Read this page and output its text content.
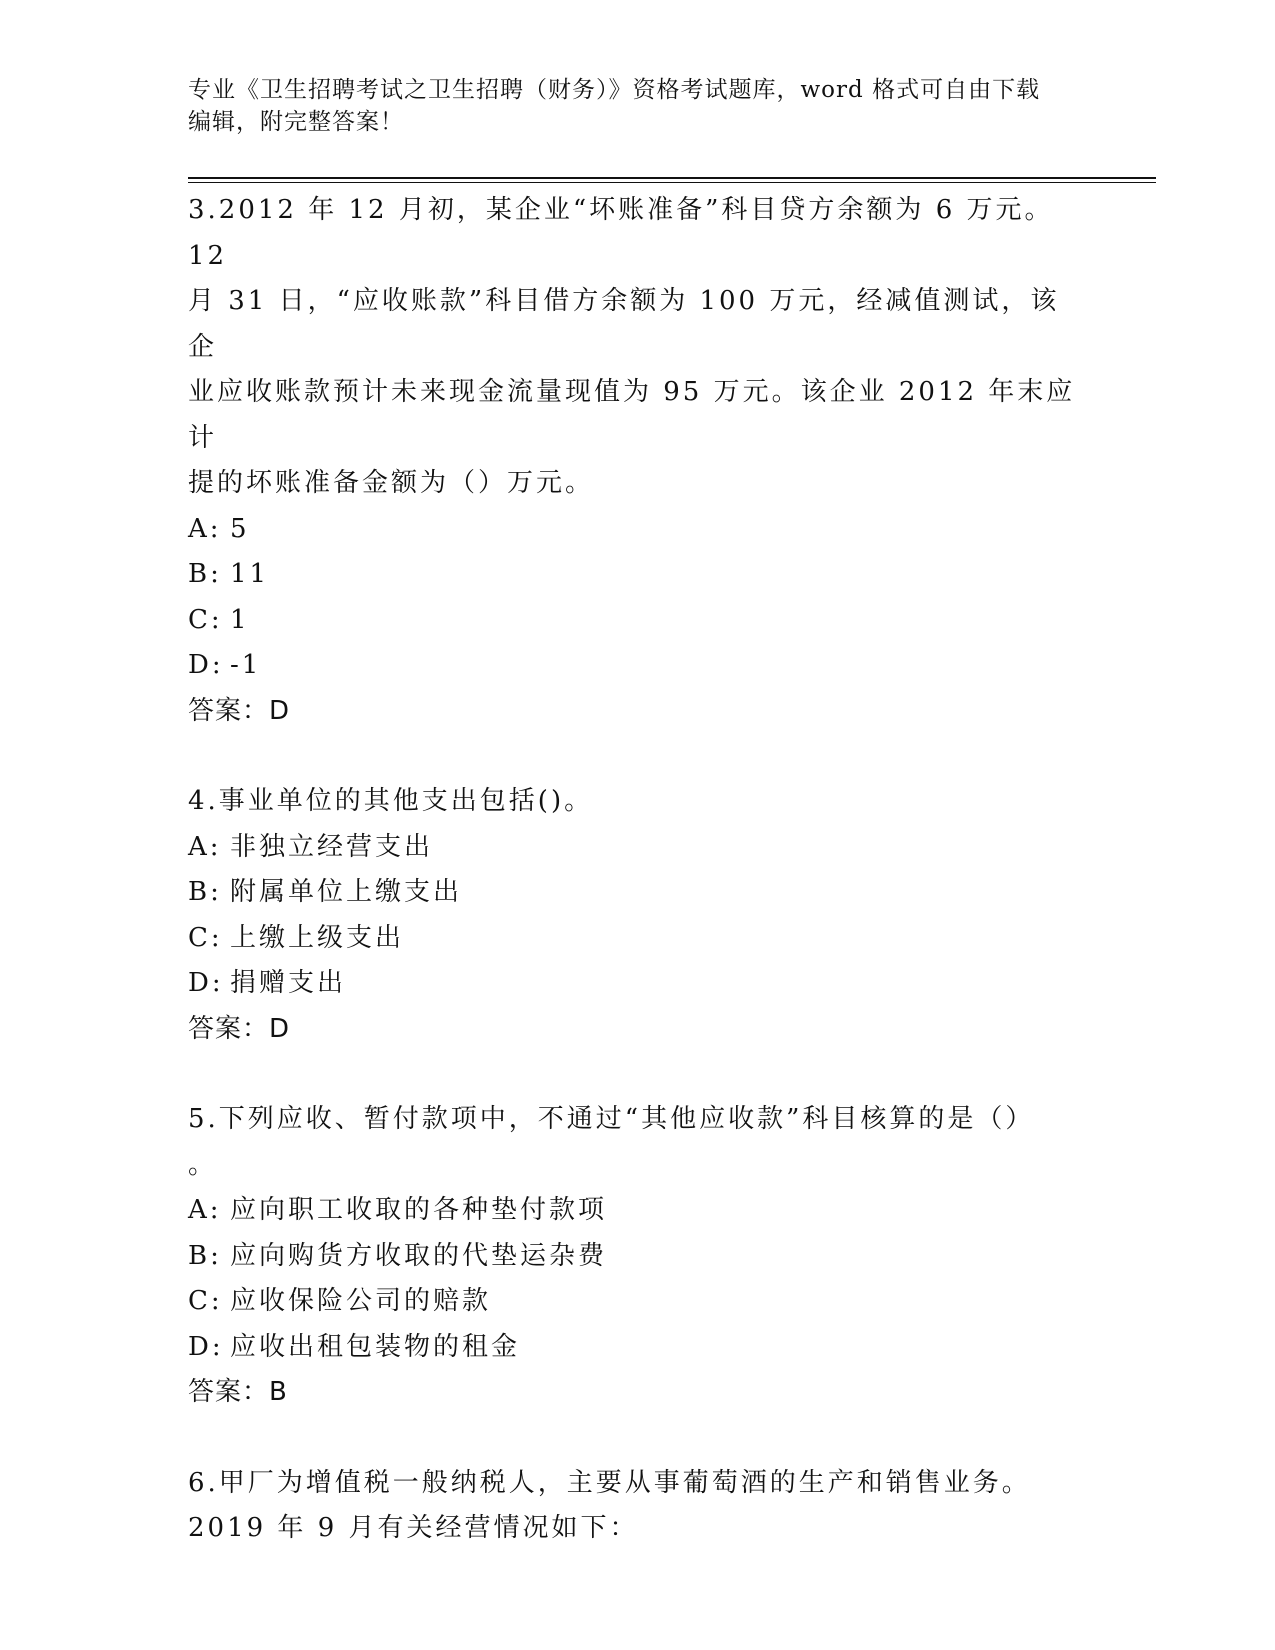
专业《卫生招聘考试之卫生招聘（财务）》资格考试题库，word 格式可自由下载
编辑，附完整答案！
3.2012 年 12 月初，某企业“坏账准备”科目贷方余额为 6 万元。12
月 31 日，“应收账款”科目借方余额为 100 万元，经减值测试，该企
业应收账款预计未来现金流量现值为 95 万元。该企业 2012 年末应计
提的坏账准备金额为（）万元。
A: 5
B: 11
C: 1
D: -1
答案：D
4.事业单位的其他支出包括()。
A: 非独立经营支出
B: 附属单位上缴支出
C: 上缴上级支出
D: 捐赠支出
答案：D
5.下列应收、暂付款项中，不通过“其他应收款”科目核算的是（）
。
A: 应向职工收取的各种垫付款项
B: 应向购货方收取的代垫运杂费
C: 应收保险公司的赔款
D: 应收出租包装物的租金
答案：B
6.甲厂为增值税一般纳税人，主要从事葡萄酒的生产和销售业务。
2019 年 9 月有关经营情况如下：
